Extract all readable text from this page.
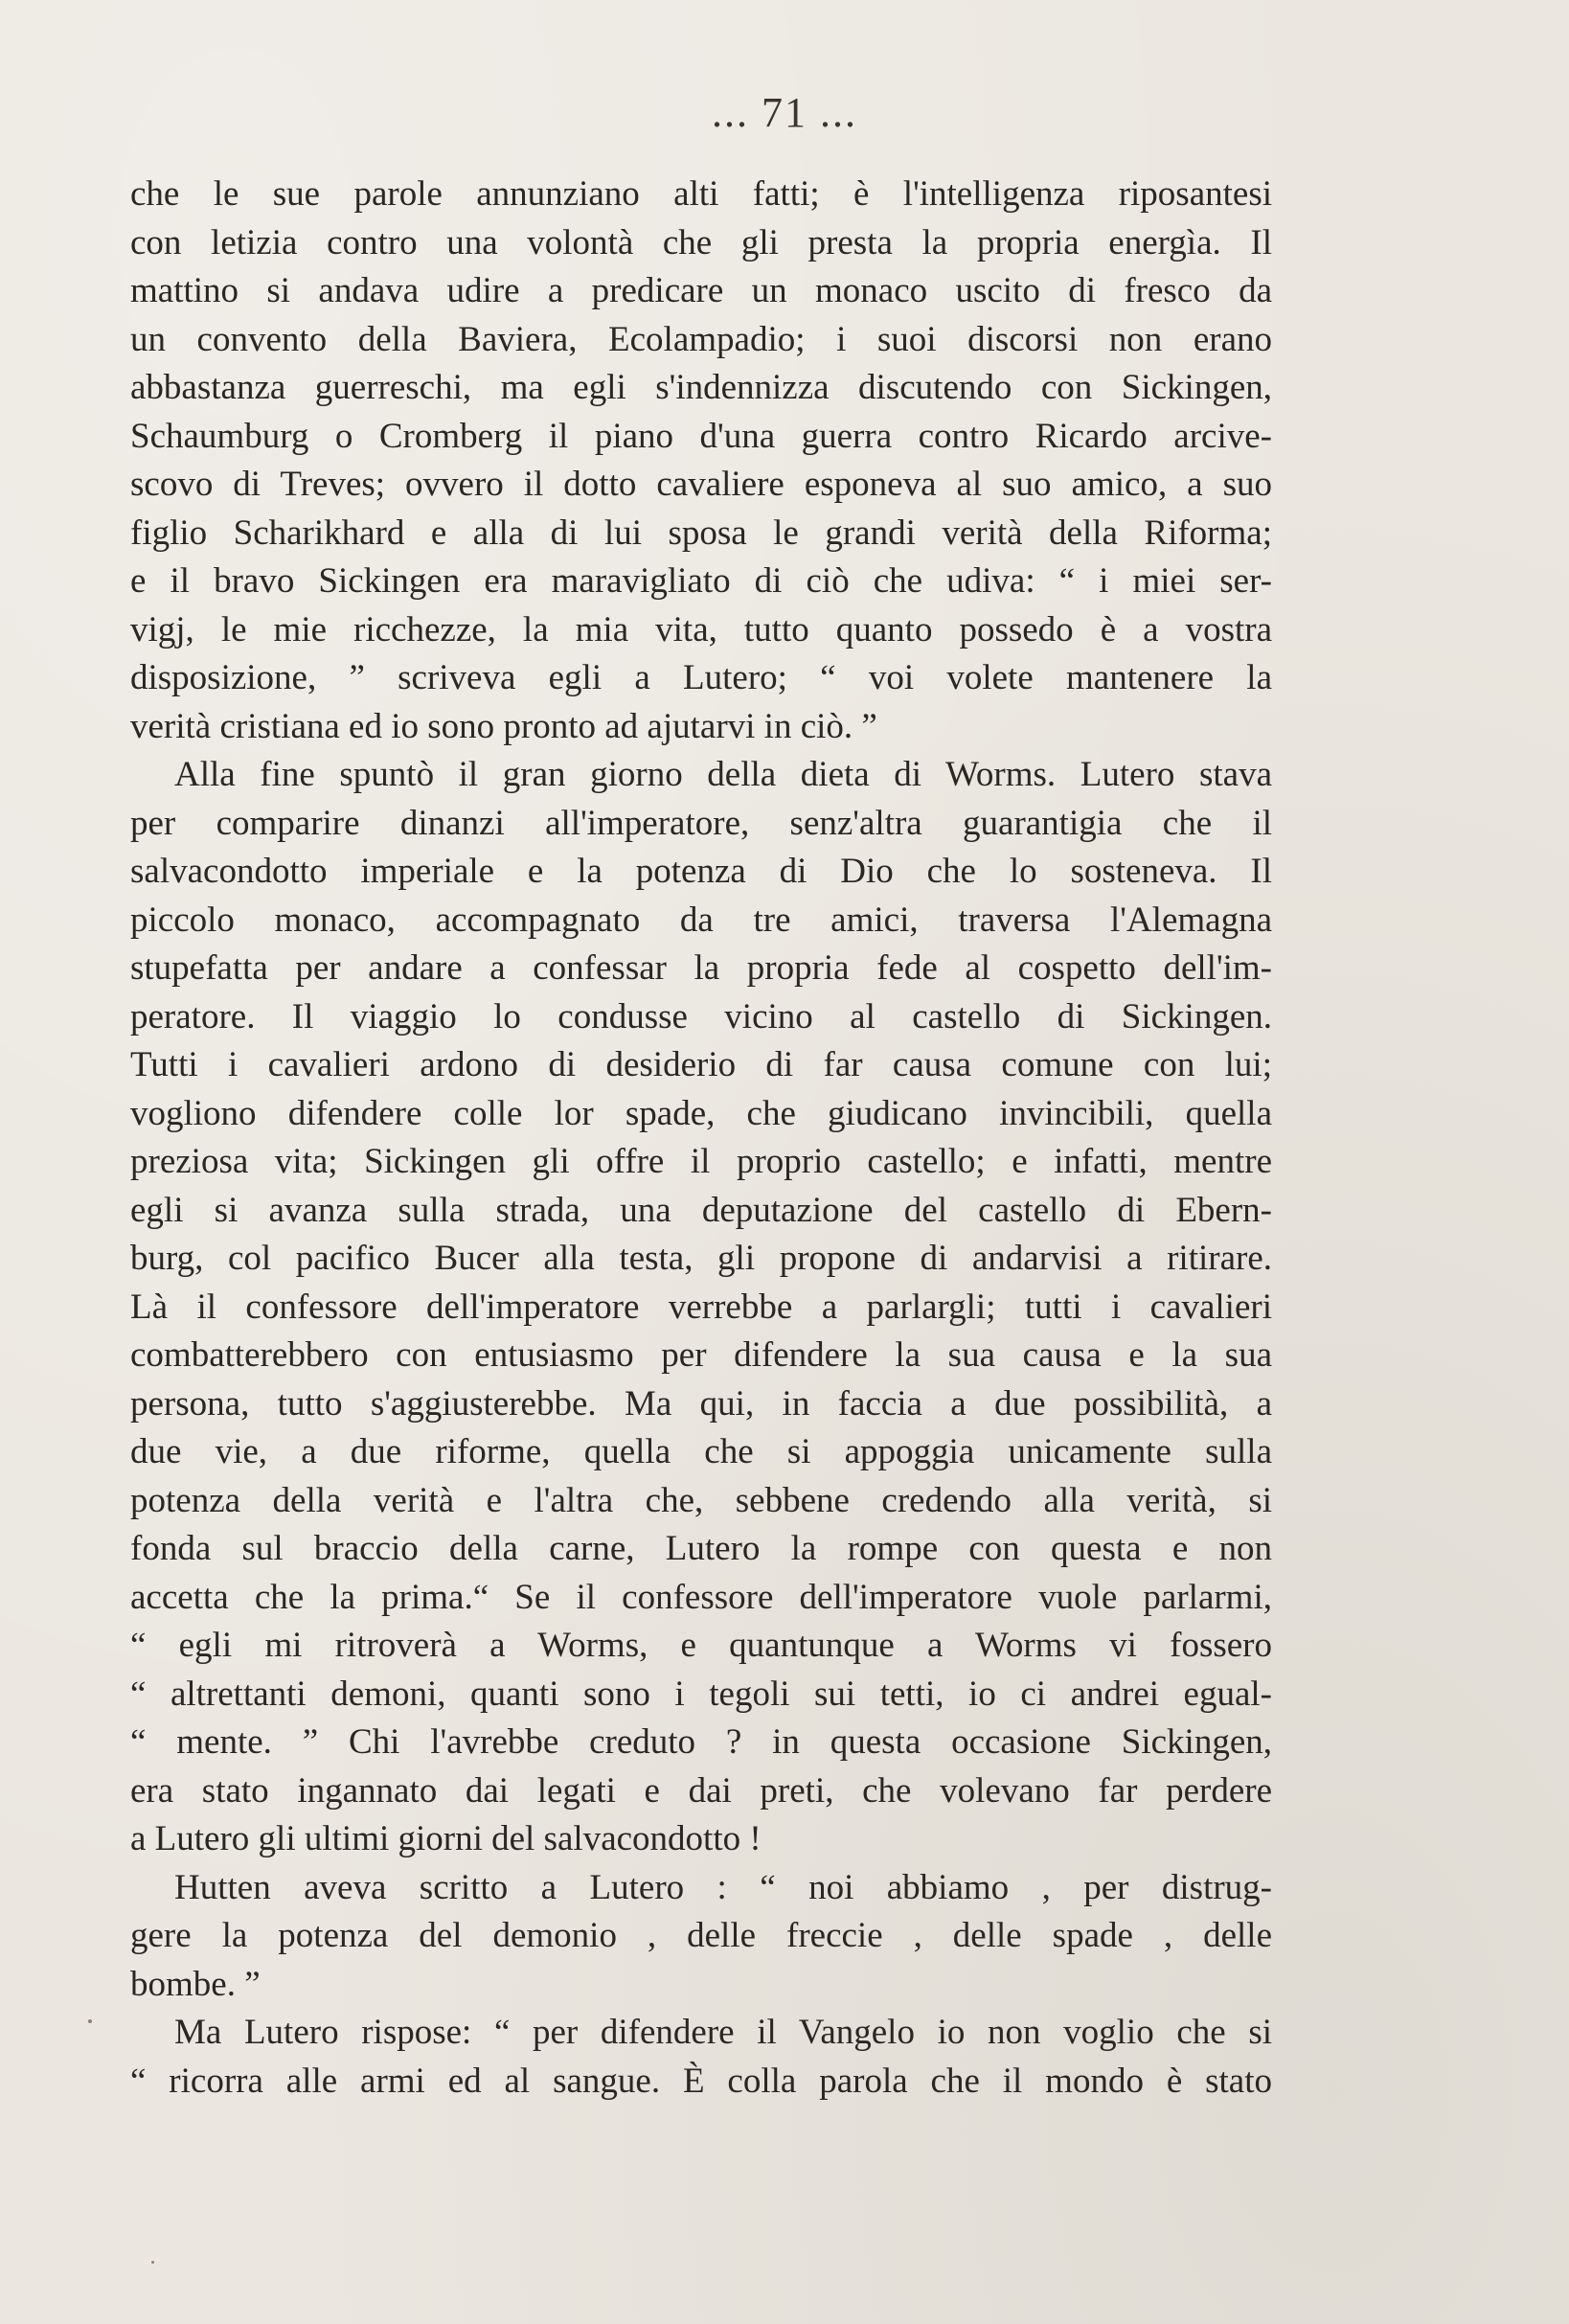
... 71 ...
che le sue parole annunziano alti fatti; è l'intelligenza riposantesi
con letizia contro una volontà che gli presta la propria energìa. Il
mattino si andava udire a predicare un monaco uscito di fresco da
un convento della Baviera, Ecolampadio; i suoi discorsi non erano
abbastanza guerreschi, ma egli s'indennizza discutendo con Sickingen,
Schaumburg o Cromberg il piano d'una guerra contro Ricardo arcive-
scovo di Treves; ovvero il dotto cavaliere esponeva al suo amico, a suo
figlio Scharikhard e alla di lui sposa le grandi verità della Riforma;
e il bravo Sickingen era maravigliato di ciò che udiva: “ i miei ser-
vigj, le mie ricchezze, la mia vita, tutto quanto possedo è a vostra
disposizione, ” scriveva egli a Lutero; “ voi volete mantenere la
verità cristiana ed io sono pronto ad ajutarvi in ciò. ”
Alla fine spuntò il gran giorno della dieta di Worms. Lutero stava
per comparire dinanzi all'imperatore, senz'altra guarantigia che il
salvacondotto imperiale e la potenza di Dio che lo sosteneva. Il
piccolo monaco, accompagnato da tre amici, traversa l'Alemagna
stupefatta per andare a confessar la propria fede al cospetto dell'im-
peratore. Il viaggio lo condusse vicino al castello di Sickingen.
Tutti i cavalieri ardono di desiderio di far causa comune con lui;
vogliono difendere colle lor spade, che giudicano invincibili, quella
preziosa vita; Sickingen gli offre il proprio castello; e infatti, mentre
egli si avanza sulla strada, una deputazione del castello di Ebern-
burg, col pacifico Bucer alla testa, gli propone di andarvisi a ritirare.
Là il confessore dell'imperatore verrebbe a parlargli; tutti i cavalieri
combatterebbero con entusiasmo per difendere la sua causa e la sua
persona, tutto s'aggiusterebbe. Ma qui, in faccia a due possibilità, a
due vie, a due riforme, quella che si appoggia unicamente sulla
potenza della verità e l'altra che, sebbene credendo alla verità, si
fonda sul braccio della carne, Lutero la rompe con questa e non
accetta che la prima.“ Se il confessore dell'imperatore vuole parlarmi,
“ egli mi ritroverà a Worms, e quantunque a Worms vi fossero
“ altrettanti demoni, quanti sono i tegoli sui tetti, io ci andrei egual-
“ mente. ” Chi l'avrebbe creduto ? in questa occasione Sickingen,
era stato ingannato dai legati e dai preti, che volevano far perdere
a Lutero gli ultimi giorni del salvacondotto !
Hutten aveva scritto a Lutero : “ noi abbiamo , per distrug-
gere la potenza del demonio , delle freccie , delle spade , delle
bombe. ”
Ma Lutero rispose: “ per difendere il Vangelo io non voglio che si
“ ricorra alle armi ed al sangue. È colla parola che il mondo è stato
